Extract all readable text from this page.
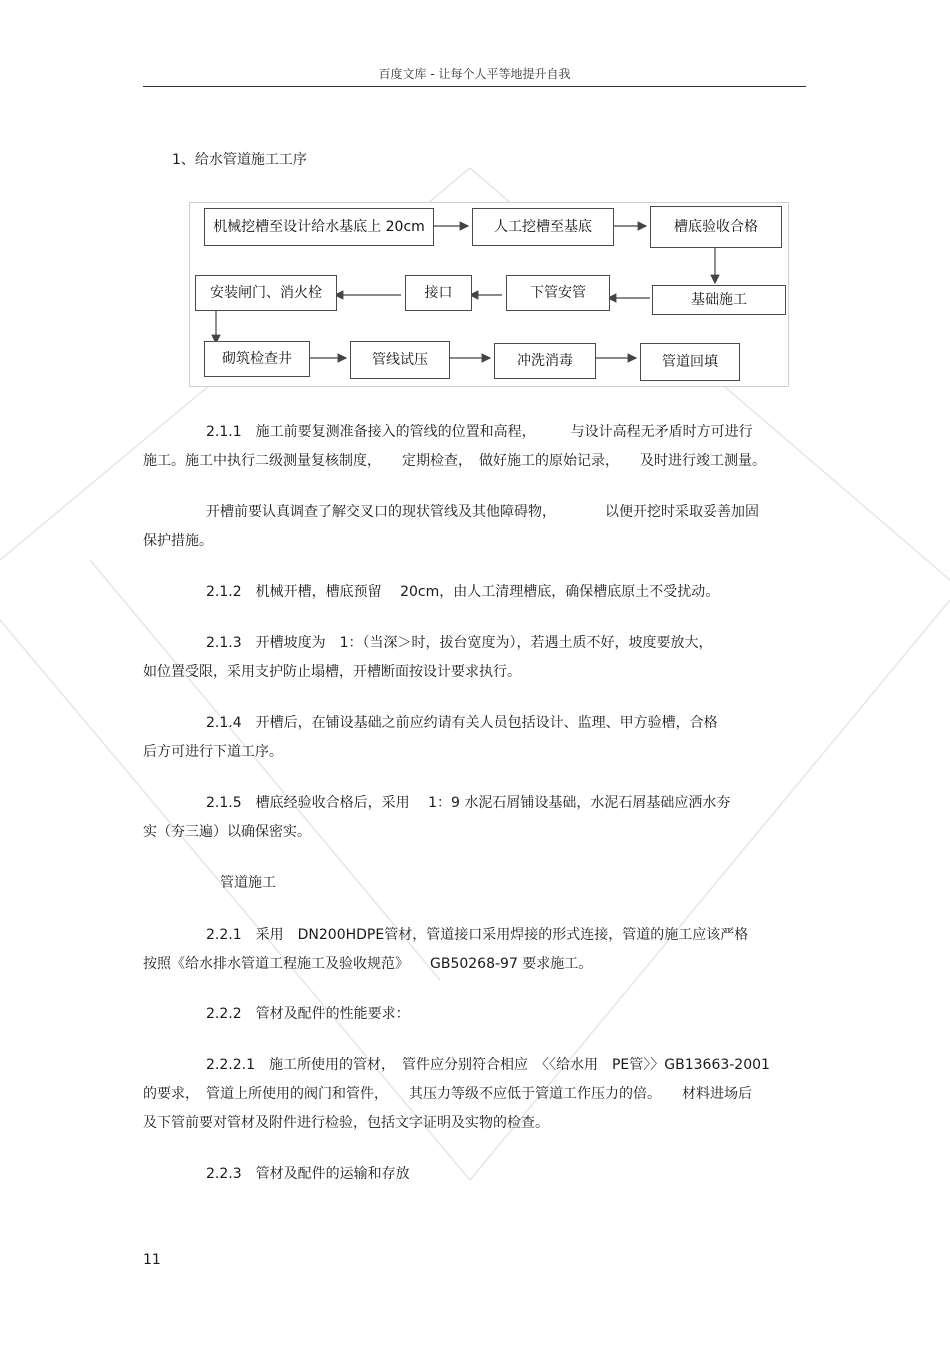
百度文库 - 让每个人平等地提升自我
1、给水管道施工工序
机械挖槽至设计给水基底上 20cm	人工挖槽至基底	槽底验收合格
基础施工
下管安管
接口
安装闸门、消火栓
砌筑检查井	管线试压	冲洗消毒	管道回填
2.1.1　施工前要复测准备接入的管线的位置和高程，　　　与设计高程无矛盾时方可进行
施工。施工中执行二级测量复核制度，　　定期检查，　做好施工的原始记录，　　及时进行竣工测量。
开槽前要认真调查了解交叉口的现状管线及其他障碍物，　　　　以便开挖时采取妥善加固
保护措施。
2.1.2　机械开槽，槽底预留　 20cm，由人工清理槽底，确保槽底原土不受扰动。
2.1.3　开槽坡度为　1：（当深＞时，拔台宽度为），若遇土质不好，坡度要放大，
如位置受限，采用支护防止塌槽，开槽断面按设计要求执行。
2.1.4　开槽后，在铺设基础之前应约请有关人员包括设计、监理、甲方验槽，合格
后方可进行下道工序。
2.1.5　槽底经验收合格后，采用　 1：9 水泥石屑铺设基础，水泥石屑基础应洒水夯
实（夯三遍）以确保密实。
　管道施工
2.2.1　采用　DN200HDPE管材，管道接口采用焊接的形式连接，管道的施工应该严格
按照《给水排水管道工程施工及验收规范》　　GB50268-97 要求施工。
2.2.2　管材及配件的性能要求：
2.2.2.1　施工所使用的管材，　管件应分别符合相应　〈〈给水用　PE管〉〉GB13663-2001
的要求，　管道上所使用的阀门和管件，　　其压力等级不应低于管道工作压力的倍。　　材料进场后
及下管前要对管材及附件进行检验，包括文字证明及实物的检查。
2.2.3　管材及配件的运输和存放
11
